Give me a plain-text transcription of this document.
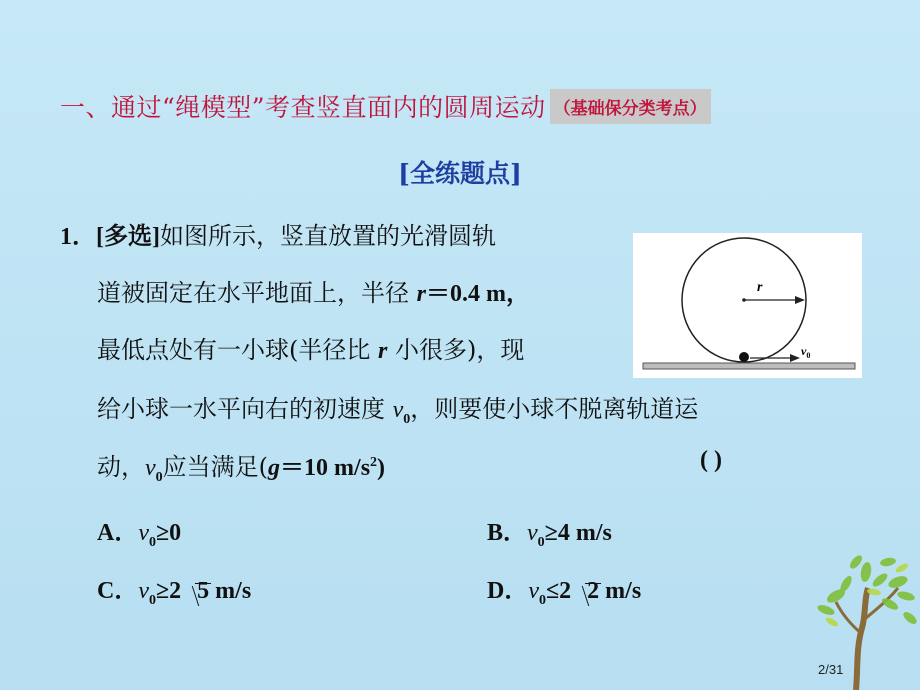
一、通过“绳模型”考查竖直面内的圆周运动 （基础保分类考点）
[全练题点]
1．[多选]如图所示，竖直放置的光滑圆轨
道被固定在水平地面上，半径 r＝0.4 m，
最低点处有一小球(半径比 r 小很多)，现
给小球一水平向右的初速度 $v_0$，则要使小球不脱离轨道运
动，$v_0$应当满足(g＝10 $m/s^2$)	( )
A．$v_0\ge 0$	B．$v_0\ge 4$ m/s
C．$v_0\ge 2$ 5 m/s	D．$v_0\le 2$ 2 m/s
r
$v_0$
2/31
